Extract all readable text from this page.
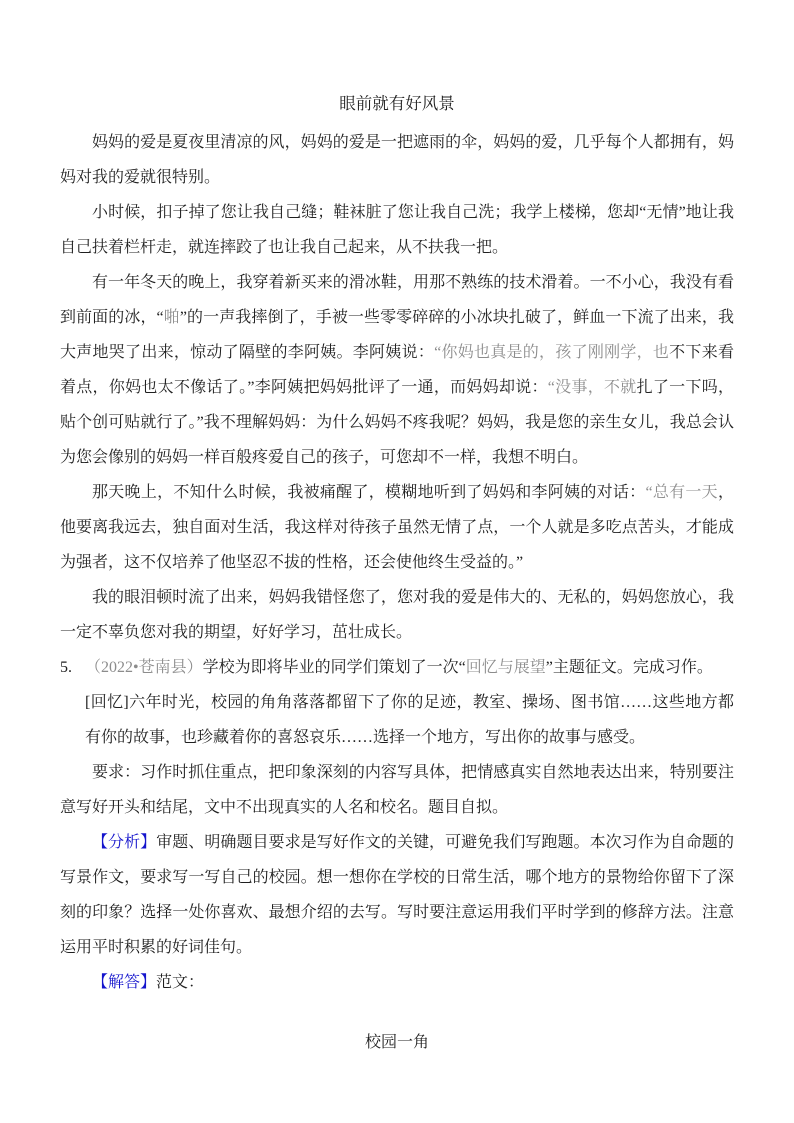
眼前就有好风景

妈妈的爱是夏夜里清凉的风，妈妈的爱是一把遮雨的伞，妈妈的爱，几乎每个人都拥有，妈妈对我的爱就很特别。

小时候，扣子掉了您让我自己缝；鞋袜脏了您让我自己洗；我学上楼梯，您却“无情”地让我自己扶着栏杆走，就连摔跤了也让我自己起来，从不扶我一把。

有一年冬天的晚上，我穿着新买来的滑冰鞋，用那不熟练的技术滑着。一不小心，我没有看到前面的冰，“啪”的一声我摔倒了，手被一些零零碎碎的小冰块扎破了，鲜血一下流了出来，我大声地哭了出来，惊动了隔壁的李阿姨。李阿姨说：“你妈也真是的，孩了刚刚学，也不下来看着点，你妈也太不像话了。”李阿姨把妈妈批评了一通，而妈妈却说：“没事，不就扎了一下吗，贴个创可贴就行了。”我不理解妈妈：为什么妈妈不疼我呢？妈妈，我是您的亲生女儿，我总会认为您会像别的妈妈一样百般疼爱自己的孩子，可您却不一样，我想不明白。

那天晚上，不知什么时候，我被痛醒了，模糊地听到了妈妈和李阿姨的对话：“总有一天，他要离我远去，独自面对生活，我这样对待孩子虽然无情了点，一个人就是多吃点苦头，才能成为强者，这不仅培养了他坚忍不拔的性格，还会使他终生受益的。”

我的眼泪顿时流了出来，妈妈我错怪您了，您对我的爱是伟大的、无私的，妈妈您放心，我一定不辜负您对我的期望，好好学习，茁壮成长。

5. （2022•苍南县）学校为即将毕业的同学们策划了一次“回忆与展望”主题征文。完成习作。

[回忆]六年时光，校园的角角落落都留下了你的足迹，教室、操场、图书馆……这些地方都有你的故事，也珍藏着你的喜怒哀乐……选择一个地方，写出你的故事与感受。

要求：习作时抓住重点，把印象深刻的内容写具体，把情感真实自然地表达出来，特别要注意写好开头和结尾，文中不出现真实的人名和校名。题目自拟。

【分析】审题、明确题目要求是写好作文的关键，可避免我们写跑题。本次习作为自命题的写景作文，要求写一写自己的校园。想一想你在学校的日常生活，哪个地方的景物给你留下了深刻的印象？选择一处你喜欢、最想介绍的去写。写时要注意运用我们平时学到的修辞方法。注意运用平时积累的好词佳句。

【解答】范文：

校园一角
